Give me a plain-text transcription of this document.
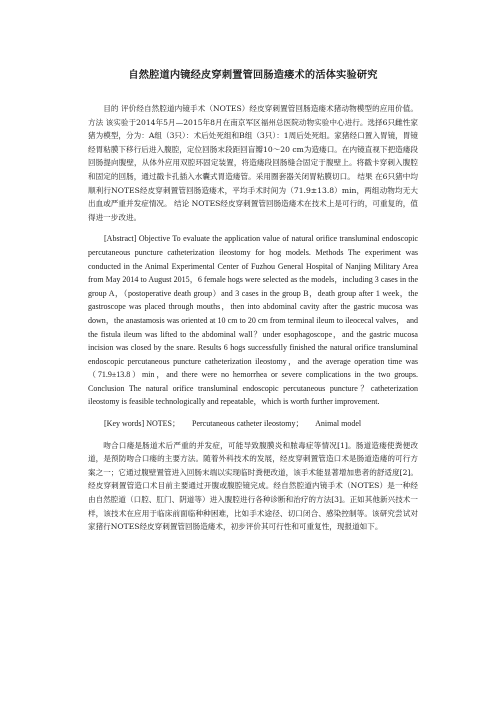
自然腔道内镜经皮穿刺置管回肠造瘘术的活体实验研究

目的 评价经自然腔道内镜手术（NOTES）经皮穿刺置管回肠造瘘术猪动物模型的应用价值。方法 该实验于2014年5月—2015年8月在南京军区福州总医院动物实验中心进行。选择6只雌性家猪为模型，分为：A组（3只）：术后处死组和B组（3只）：1周后处死组。家猪经口置入胃镜，胃镜经胃粘膜下移行后进入腹腔，定位回肠末段距回盲瓣10～20 cm为造瘘口。在内镜直视下把造瘘段回肠提向腹壁，从体外应用双腔环固定装置，将造瘘段回肠缝合固定于腹壁上。将戳卡穿刺入腹腔和固定的回肠，通过戳卡孔插入水囊式胃造瘘管。采用圈套器关闭胃粘膜切口。 结果 在6只猪中均顺利行NOTES经皮穿刺置管回肠造瘘术，平均手术时间为（71.9±13.8）min，两组动物均无大出血或严重并发症情况。 结论 NOTES经皮穿刺置管回肠造瘘术在技术上是可行的，可重复的，值得进一步改进。

[Abstract] Objective To evaluate the application value of natural orifice transluminal endoscopic percutaneous puncture catheterization ileostomy for hog models. Methods The experiment was conducted in the Animal Experimental Center of Fuzhou General Hospital of Nanjing Military Area from May 2014 to August 2015，6 female hogs were selected as the models，including 3 cases in the group A，（postoperative death group）and 3 cases in the group B，death group after 1 week，the gastroscope was placed through mouths，then into abdominal cavity after the gastric mucosa was down，the anastamosis was oriented at 10 cm to 20 cm from terminal ileum to ileocecal valves， and the fistula ileum was lifted to the abdominal wall？under esophagoscope，and the gastric mucosa incision was closed by the snare. Results 6 hogs successfully finished the natural orifice transluminal endoscopic percutaneous puncture catheterization ileostomy，and the average operation time was（71.9±13.8）min，and there were no hemorrhea or severe complications in the two groups. Conclusion The natural orifice transluminal endoscopic percutaneous puncture？catheterization ileostomy is feasible technologically and repeatable，which is worth further improvement.

[Key words] NOTES； Percutaneous catheter ileostomy； Animal model

吻合口瘘是肠道术后严重的并发症，可能导致腹膜炎和脓毒症等情况[1]。肠道造瘘使粪便改道，是预防吻合口瘘的主要方法。随着外科技术的发展，经皮穿刺置管造口术是肠道造瘘的可行方案之一；它通过腹壁置管进入回肠末端以实现临时粪便改道，该手术能显著增加患者的舒适度[2]。经皮穿刺置管造口术目前主要通过开腹或腹腔镜完成。经自然腔道内镜手术（NOTES）是一种经由自然腔道（口腔、肛门、阴道等）进入腹腔进行各种诊断和治疗的方法[3]。正如其他新兴技术一样，该技术在应用于临床前面临种种困难，比如手术途径、切口闭合、感染控制等。该研究尝试对家猪行NOTES经皮穿刺置管回肠造瘘术，初步评价其可行性和可重复性，现报道如下。
